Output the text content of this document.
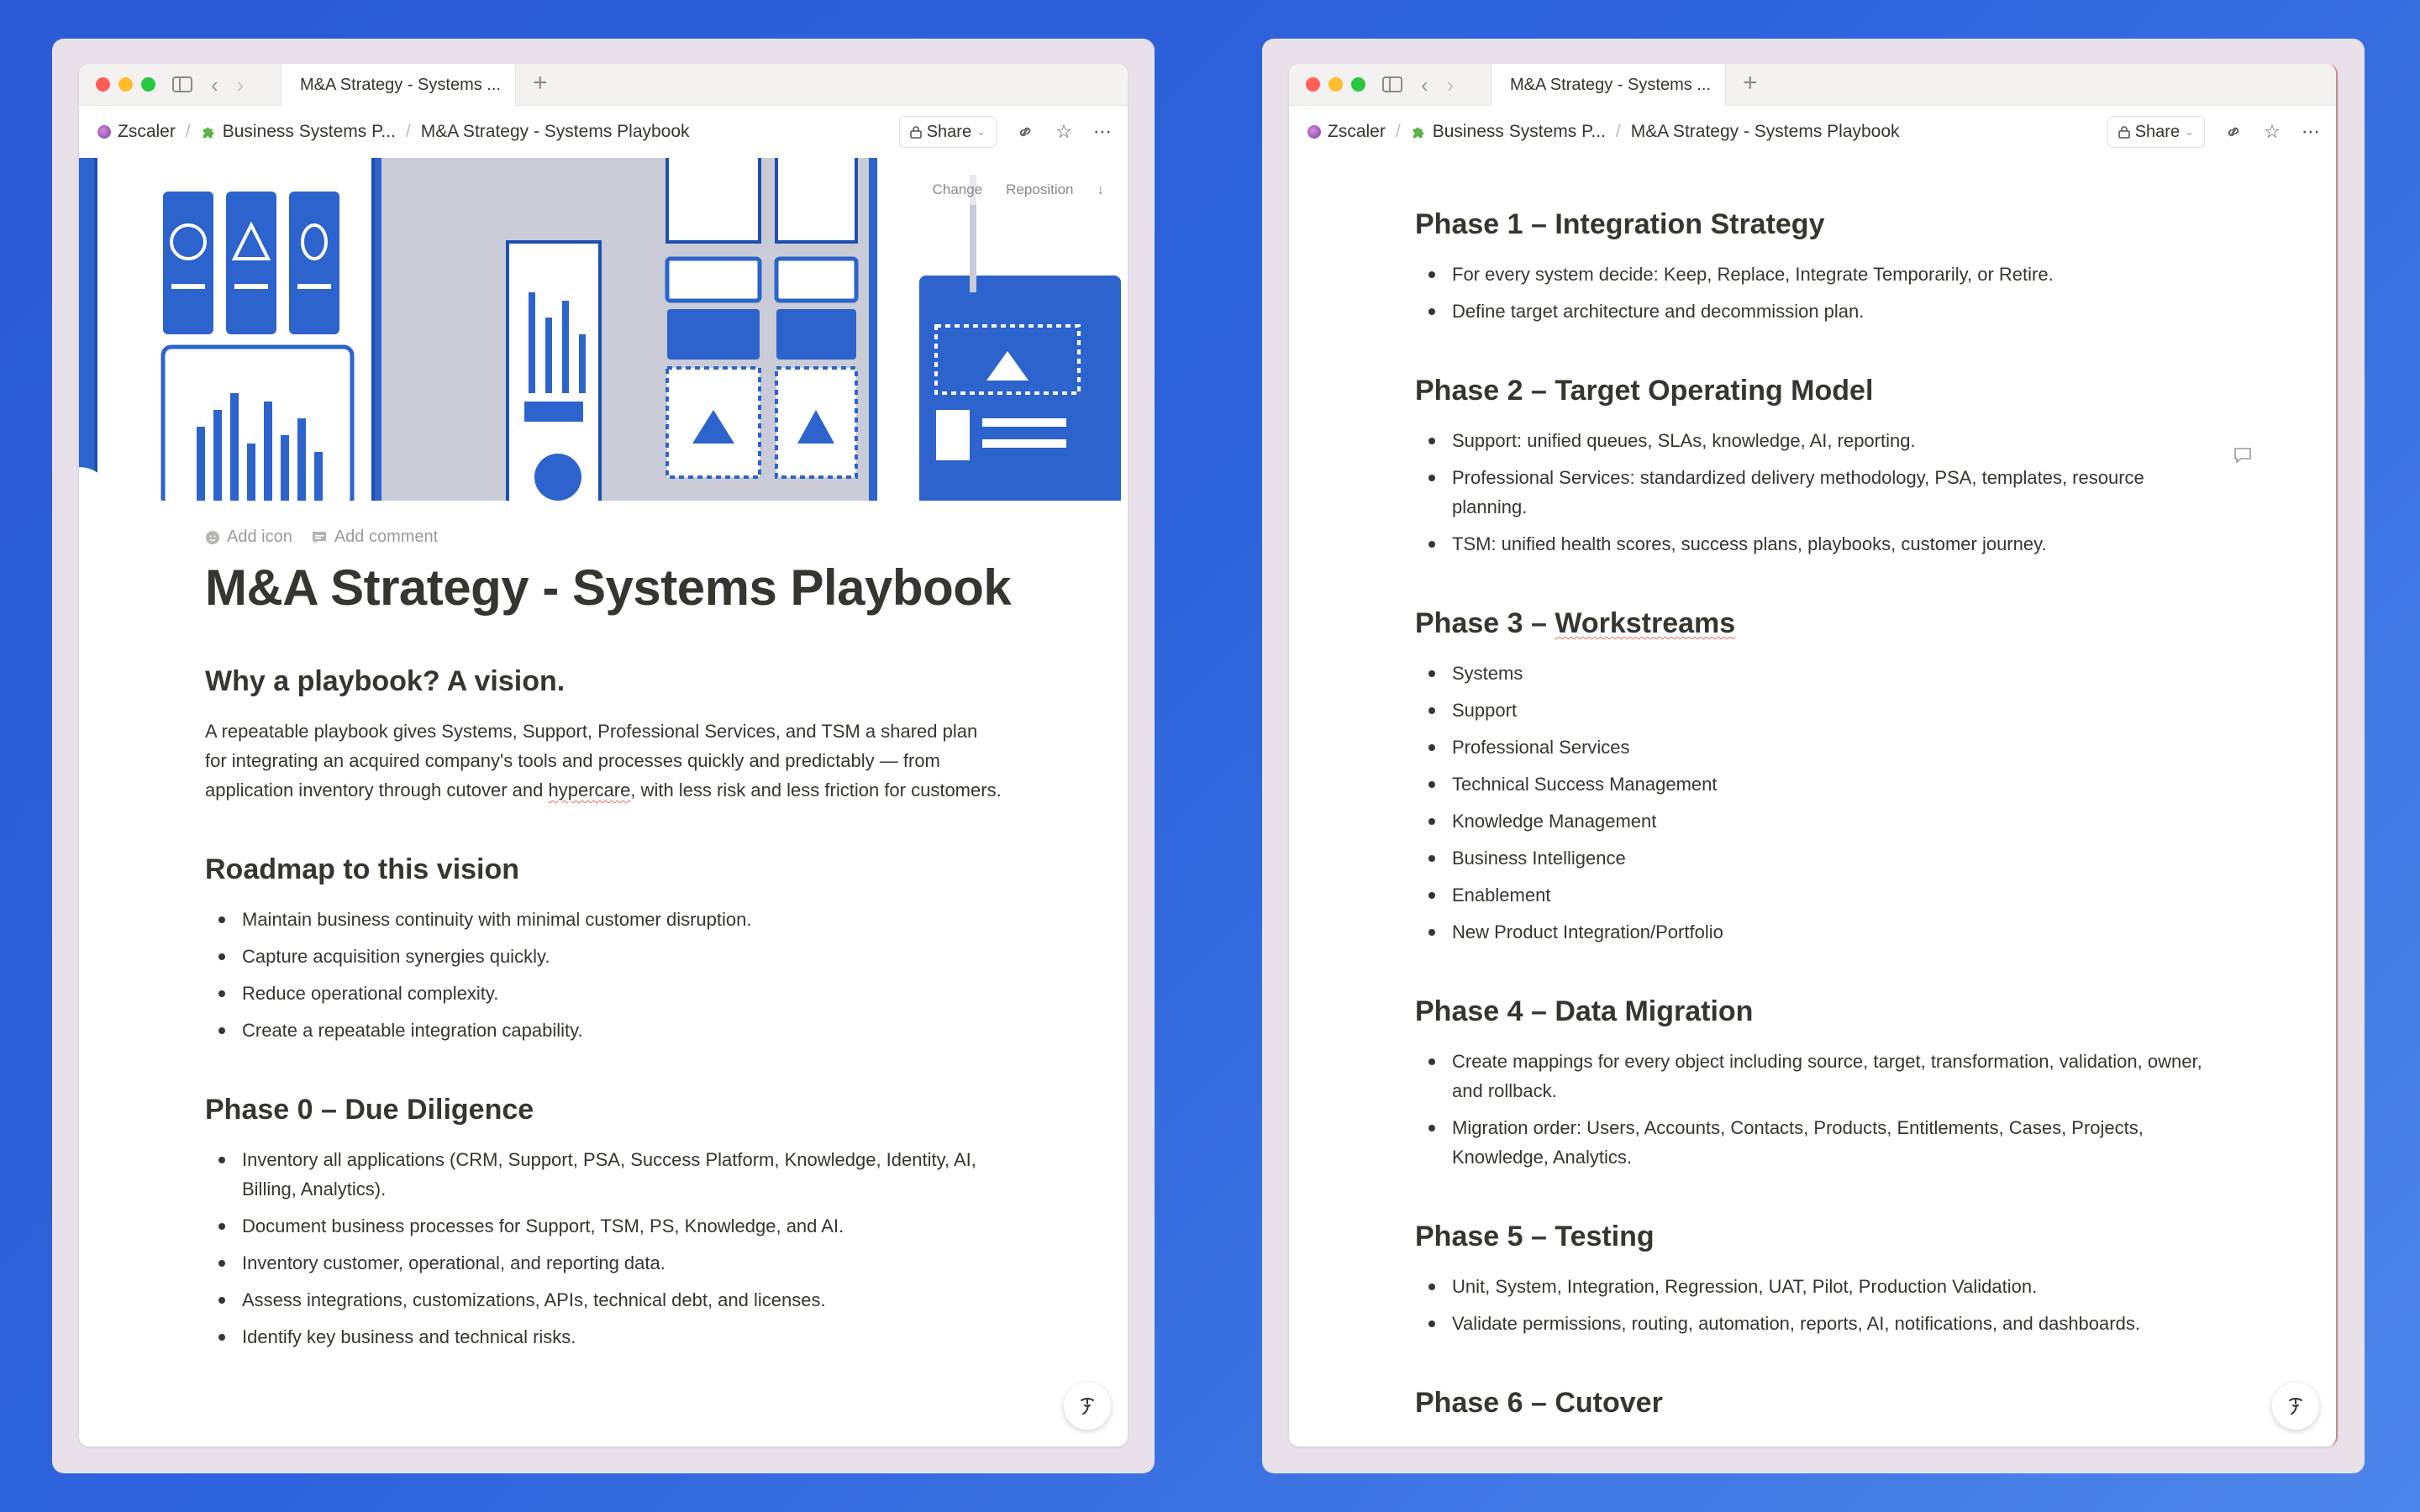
‹ ›	M&A Strategy - Systems ... +
Zscaler / Business Systems P... / M&A Strategy - Systems Playbook	Share ⌄	☆ ⋯
Change	Reposition	↓
Add icon	Add comment
M&A Strategy - Systems Playbook
Why a playbook? A vision.

A repeatable playbook gives Systems, Support, Professional Services, and TSM a shared plan for integrating an acquired company's tools and processes quickly and predictably — from application inventory through cutover and hypercare, with less risk and less friction for customers.

Roadmap to this vision
Maintain business continuity with minimal customer disruption.
Capture acquisition synergies quickly.
Reduce operational complexity.
Create a repeatable integration capability.
Phase 0 – Due Diligence
Inventory all applications (CRM, Support, PSA, Success Platform, Knowledge, Identity, AI, Billing, Analytics).
Document business processes for Support, TSM, PS, Knowledge, and AI.
Inventory customer, operational, and reporting data.
Assess integrations, customizations, APIs, technical debt, and licenses.
Identify key business and technical risks.
‹ ›	M&A Strategy - Systems ... +
Zscaler / Business Systems P... / M&A Strategy - Systems Playbook	Share ⌄	☆ ⋯
Phase 1 – Integration Strategy
For every system decide: Keep, Replace, Integrate Temporarily, or Retire.
Define target architecture and decommission plan.
Phase 2 – Target Operating Model
Support: unified queues, SLAs, knowledge, AI, reporting.
Professional Services: standardized delivery methodology, PSA, templates, resource planning.
TSM: unified health scores, success plans, playbooks, customer journey.
Phase 3 – Workstreams
Systems
Support
Professional Services
Technical Success Management
Knowledge Management
Business Intelligence
Enablement
New Product Integration/Portfolio
Phase 4 – Data Migration
Create mappings for every object including source, target, transformation, validation, owner, and rollback.
Migration order: Users, Accounts, Contacts, Products, Entitlements, Cases, Projects, Knowledge, Analytics.
Phase 5 – Testing
Unit, System, Integration, Regression, UAT, Pilot, Production Validation.
Validate permissions, routing, automation, reports, AI, notifications, and dashboards.
Phase 6 – Cutover
